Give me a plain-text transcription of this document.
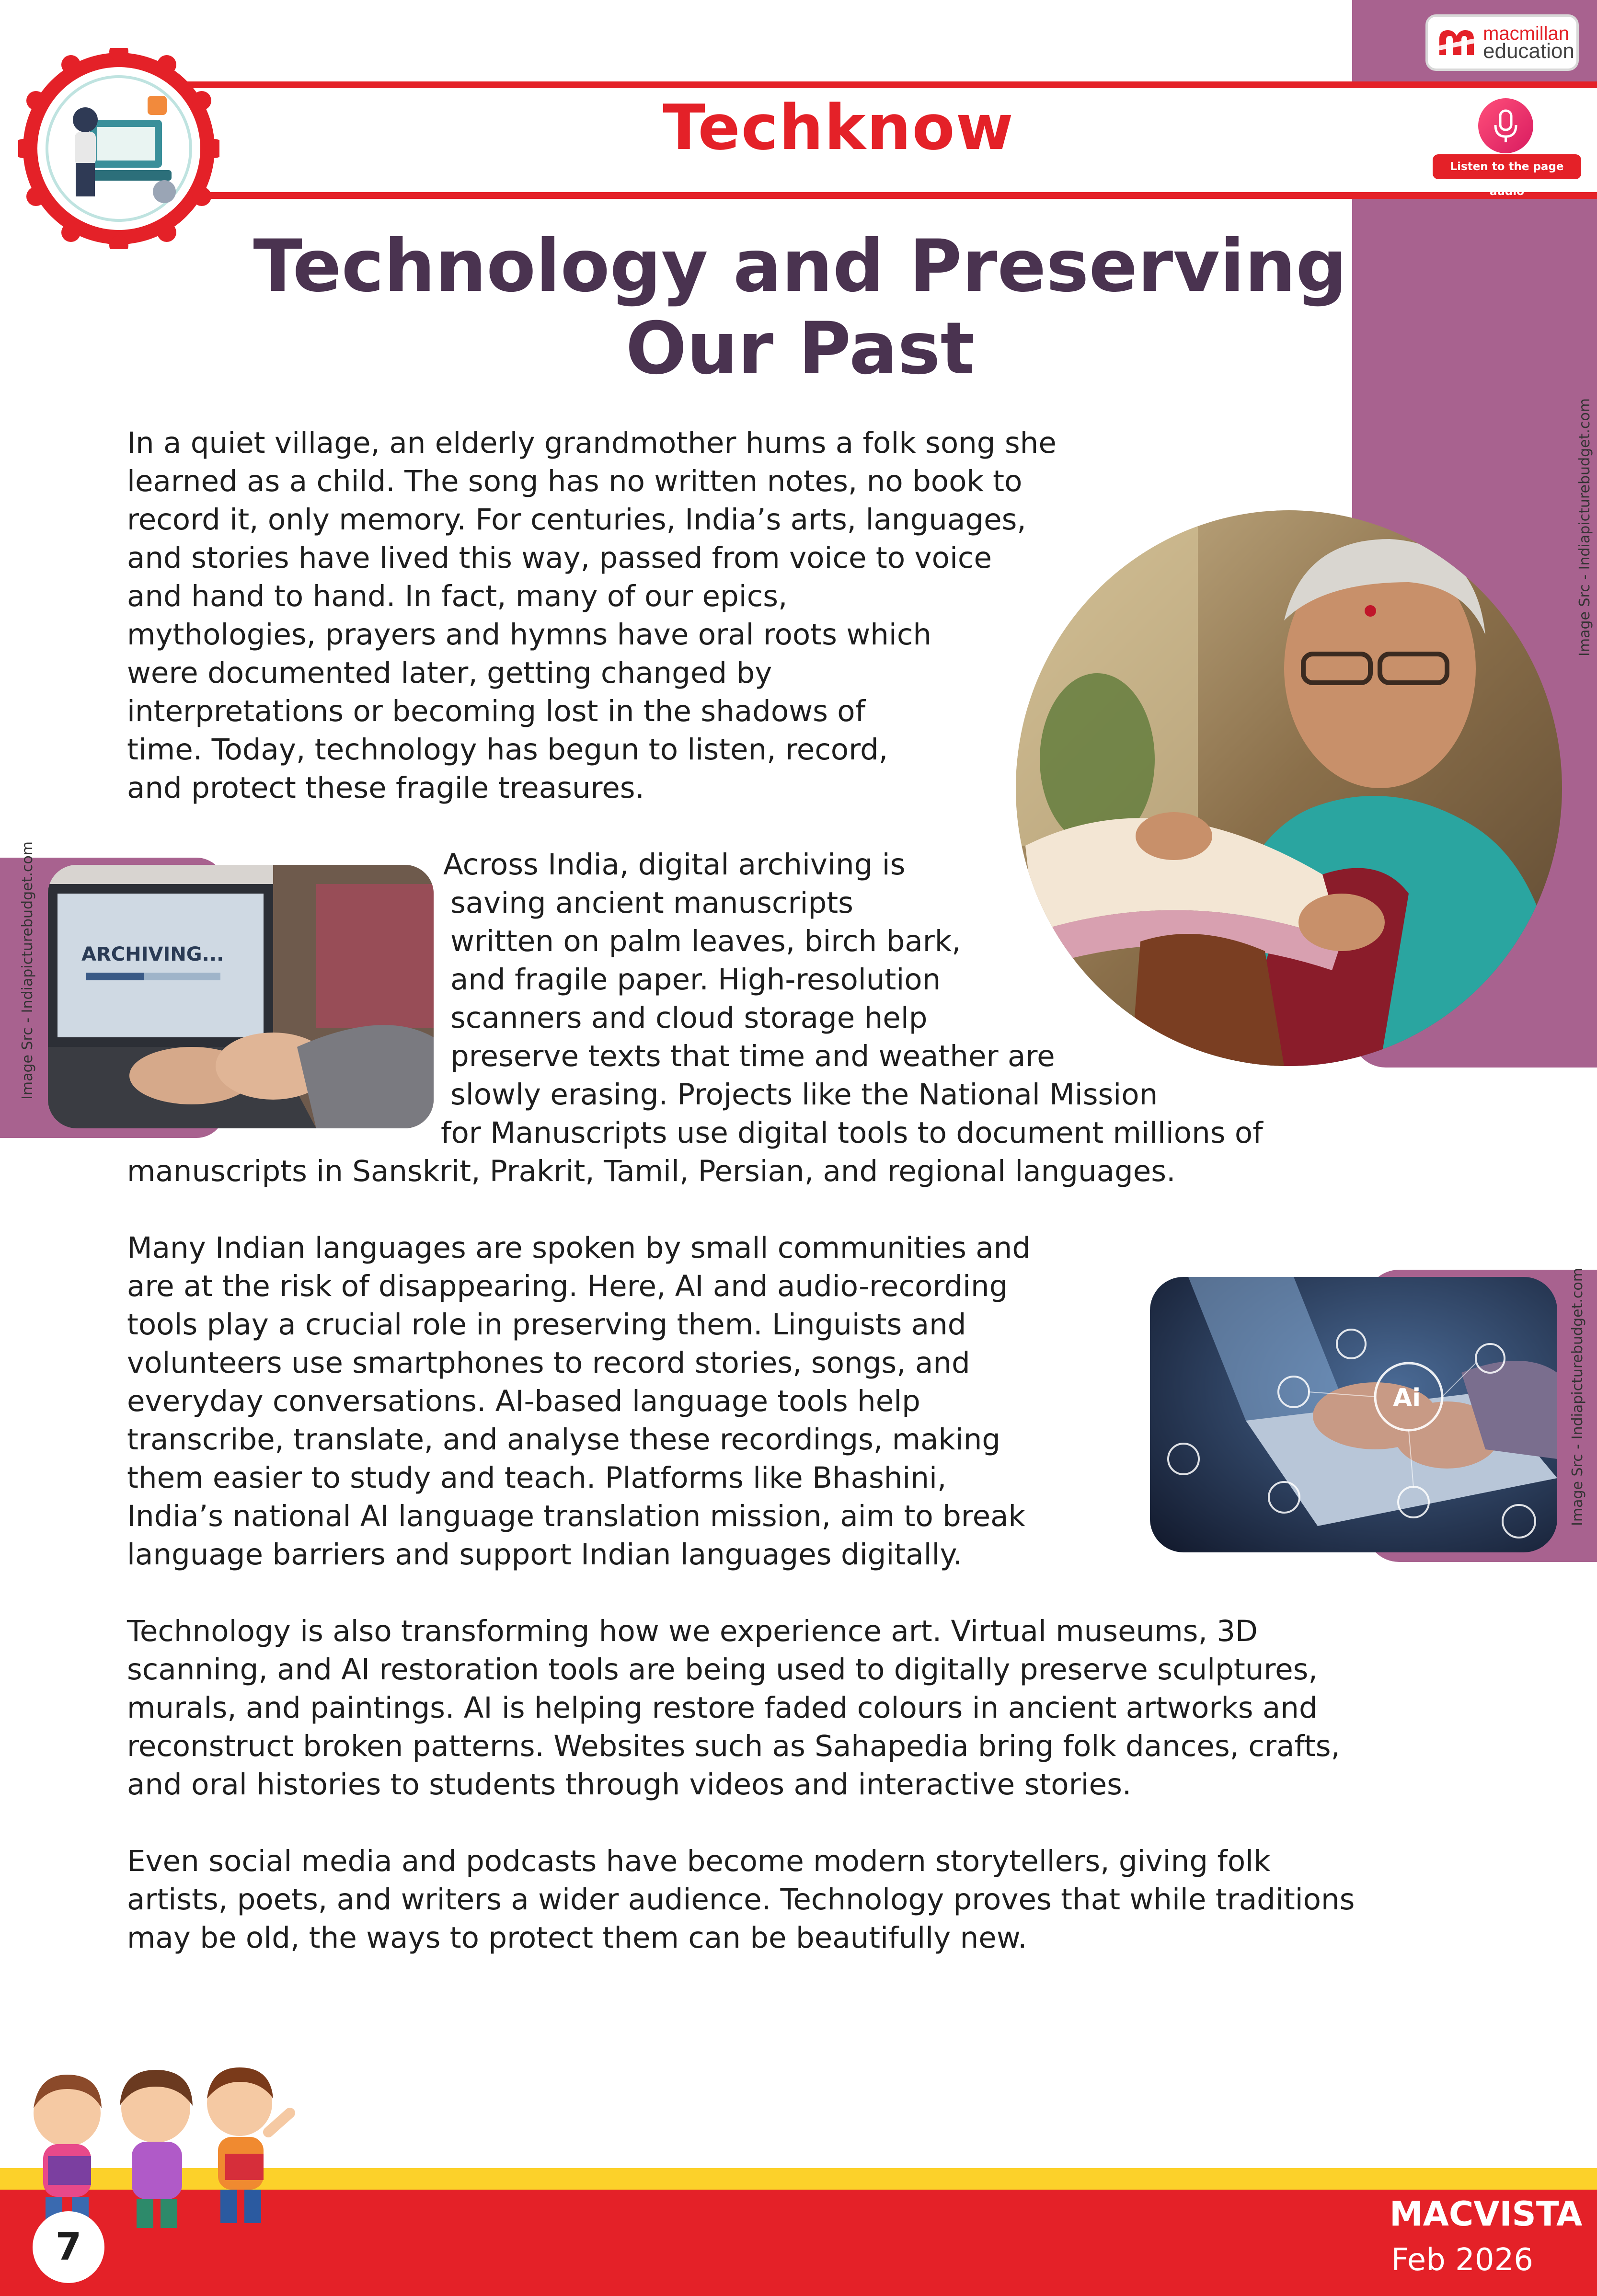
macmillan
education
Techknow
Listen to the page audio
Technology and Preserving
Our Past
In a quiet village, an elderly grandmother hums a folk song she
learned as a child. The song has no written notes, no book to
record it, only memory. For centuries, India’s arts, languages,
and stories have lived this way, passed from voice to voice
and hand to hand. In fact, many of our epics,
mythologies, prayers and hymns have oral roots which
were documented later, getting changed by
interpretations or becoming lost in the shadows of
time. Today, technology has begun to listen, record,
and protect these fragile treasures.
Image Src - Indiapicturebudget.com
ARCHIVING...
Image Src - Indiapicturebudget.com	Across India, digital archiving is
saving ancient manuscripts
written on palm leaves, birch bark,
and fragile paper. High-resolution
scanners and cloud storage help
preserve texts that time and weather are
slowly erasing. Projects like the National Mission
for Manuscripts use digital tools to document millions of
manuscripts in Sanskrit, Prakrit, Tamil, Persian, and regional languages.
Ai	Image Src - Indiapicturebudget.com
Many Indian languages are spoken by small communities and
are at the risk of disappearing. Here, AI and audio-recording
tools play a crucial role in preserving them. Linguists and
volunteers use smartphones to record stories, songs, and
everyday conversations. AI-based language tools help
transcribe, translate, and analyse these recordings, making
them easier to study and teach. Platforms like Bhashini,
India’s national AI language translation mission, aim to break
language barriers and support Indian languages digitally.
Technology is also transforming how we experience art. Virtual museums, 3D
scanning, and AI restoration tools are being used to digitally preserve sculptures,
murals, and paintings. AI is helping restore faded colours in ancient artworks and
reconstruct broken patterns. Websites such as Sahapedia bring folk dances, crafts,
and oral histories to students through videos and interactive stories.
Even social media and podcasts have become modern storytellers, giving folk
artists, poets, and writers a wider audience. Technology proves that while traditions
may be old, the ways to protect them can be beautifully new.
7
MACVISTA
Feb 2026
